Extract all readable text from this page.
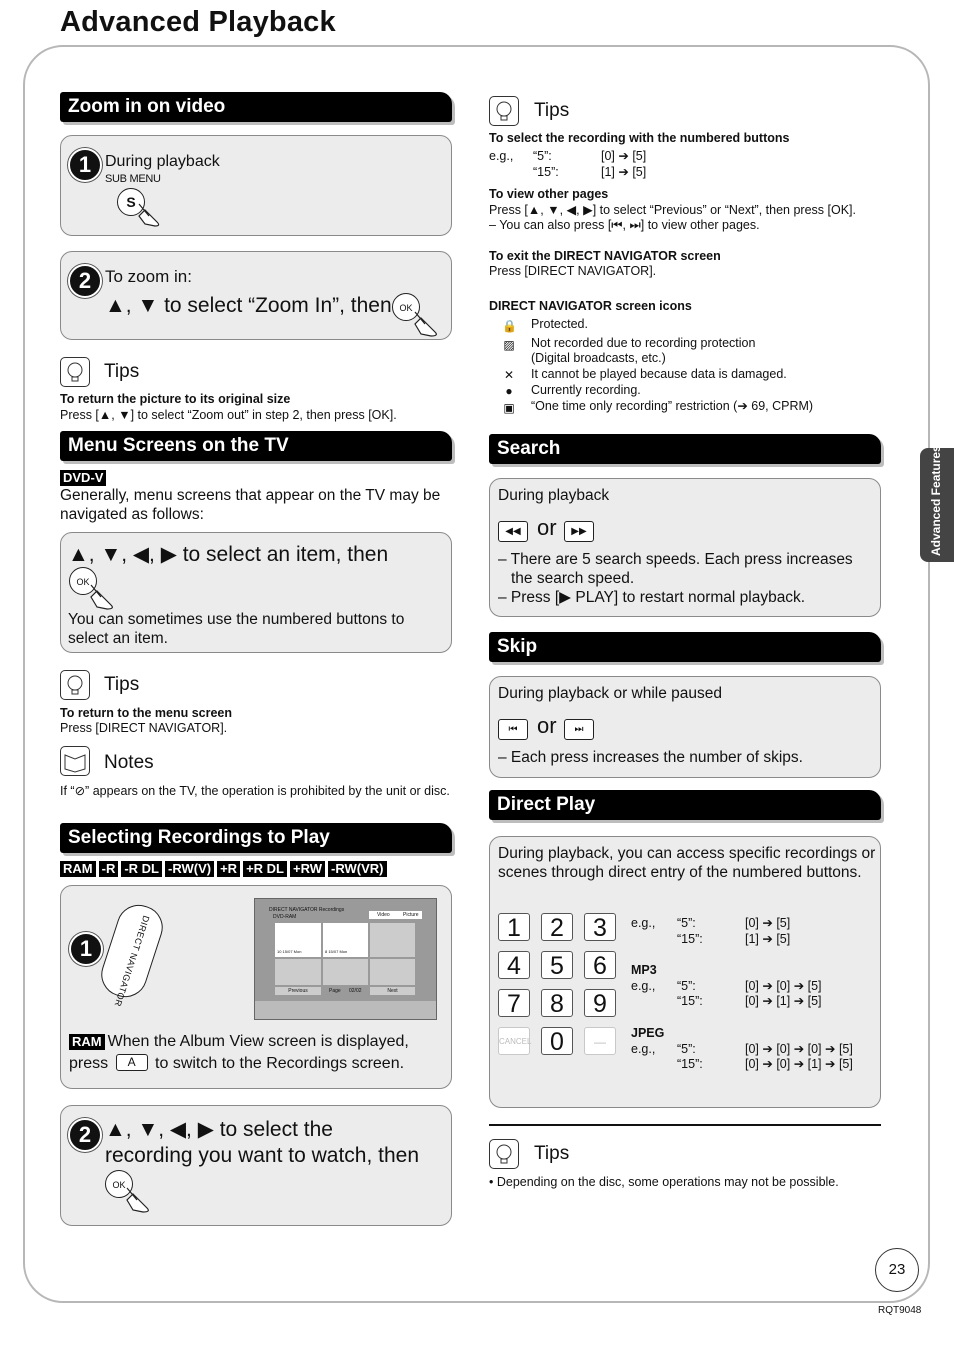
Advanced Playback
Zoom in on video
1 During playback
SUB MENU
S
2 To zoom in:
▲, ▼ to select “Zoom In”, then OK
Tips
To return the picture to its original size
Press [▲, ▼] to select “Zoom out” in step 2, then press [OK].
Menu Screens on the TV
DVD-V
Generally, menu screens that appear on the TV may be navigated as follows:
▲, ▼, ◀, ▶ to select an item, then
OK
You can sometimes use the numbered buttons to select an item.
Tips
To return to the menu screen
Press [DIRECT NAVIGATOR].
Notes
If “⊘” appears on the TV, the operation is prohibited by the unit or disc.
Selecting Recordings to Play
RAM -R -R DL -RW(V) +R +R DL +RW -RW(VR)
1	DIRECT NAVIGATOR
DIRECT NAVIGATOR Recordings
DVD-RAM	Video	Picture
10 15/07 Mon	8 15/07 Mon
Previous	Page 02/02	Next
RAM When the Album View screen is displayed,
press A to switch to the Recordings screen.
2 ▲, ▼, ◀, ▶ to select the
recording you want to watch, then
OK
Tips
To select the recording with the numbered buttons
e.g., “5”:	[0] ➔ [5]
“15”:	[1] ➔ [5]
To view other pages
Press [▲, ▼, ◀, ▶] to select “Previous” or “Next”, then press [OK].
– You can also press [⏮, ⏭] to view other pages.
To exit the DIRECT NAVIGATOR screen
Press [DIRECT NAVIGATOR].
DIRECT NAVIGATOR screen icons
🔒 Protected.
▨ Not recorded due to recording protection
(Digital broadcasts, etc.)
✕ It cannot be played because data is damaged.
● Currently recording.
▣ “One time only recording” restriction (➔ 69, CPRM)
Search
During playback
◀◀ or	▶▶
– There are 5 search speeds. Each press increases
the search speed.
– Press [▶ PLAY] to restart normal playback.
Skip
During playback or while paused
⏮ or	⏭
– Each press increases the number of skips.
Direct Play
During playback, you can access specific recordings or scenes through direct entry of the numbered buttons.
1	2	3
4	5	6
7	8	9
CANCEL 0	—
e.g., “5”:	[0] ➔ [5]
“15”:	[1] ➔ [5]
MP3
e.g., “5”:	[0] ➔ [0] ➔ [5]
“15”:	[0] ➔ [1] ➔ [5]
JPEG
e.g., “5”:	[0] ➔ [0] ➔ [0] ➔ [5]
“15”:	[0] ➔ [0] ➔ [1] ➔ [5]
Tips
• Depending on the disc, some operations may not be possible.
Advanced Features
23
RQT9048
